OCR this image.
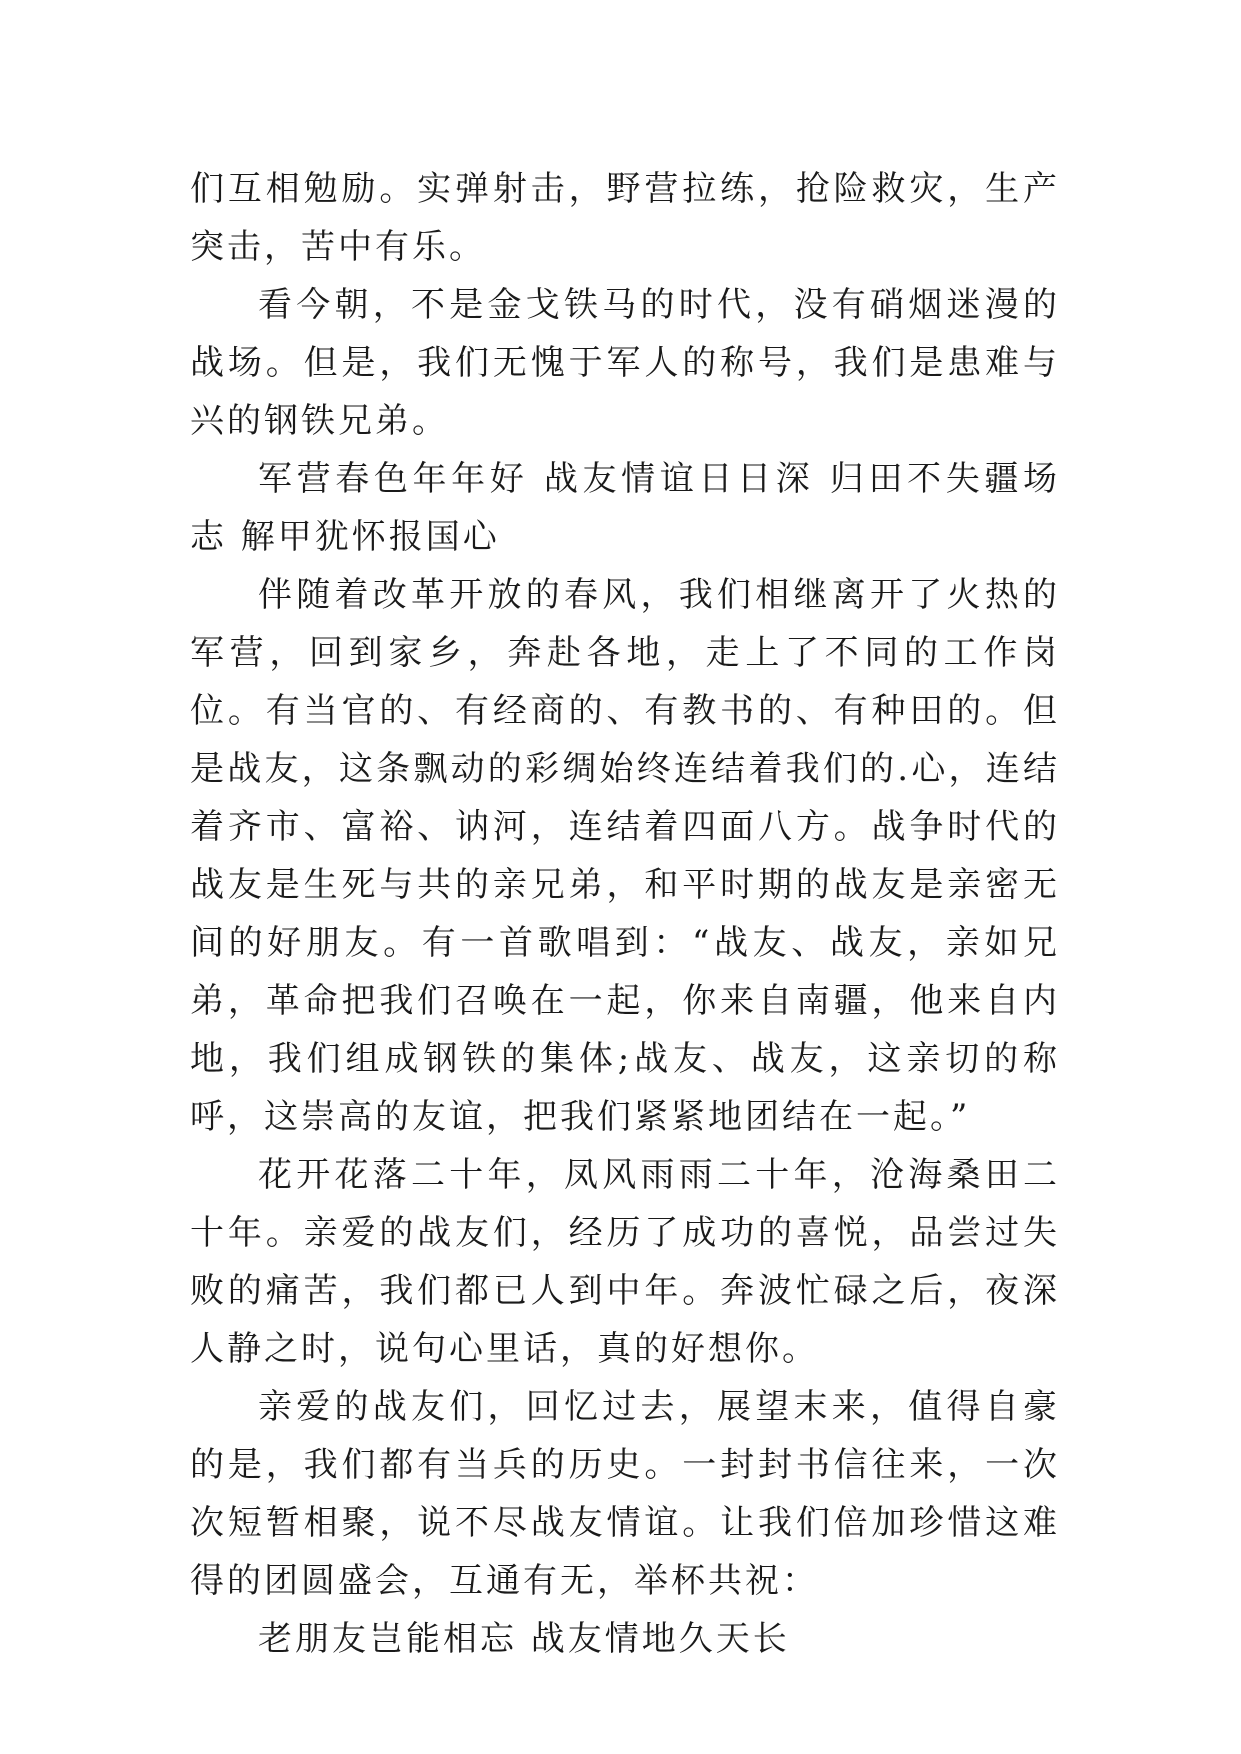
们互相勉励。实弹射击，野营拉练，抢险救灾，生产突击，苦中有乐。

看今朝，不是金戈铁马的时代，没有硝烟迷漫的战场。但是，我们无愧于军人的称号，我们是患难与兴的钢铁兄弟。

军营春色年年好 战友情谊日日深 归田不失疆场志 解甲犹怀报国心

伴随着改革开放的春风，我们相继离开了火热的军营，回到家乡，奔赴各地，走上了不同的工作岗位。有当官的、有经商的、有教书的、有种田的。但是战友，这条飘动的彩绸始终连结着我们的.心，连结着齐市、富裕、讷河，连结着四面八方。战争时代的战友是生死与共的亲兄弟，和平时期的战友是亲密无间的好朋友。有一首歌唱到：“战友、战友，亲如兄弟，革命把我们召唤在一起，你来自南疆，他来自内地，我们组成钢铁的集体;战友、战友，这亲切的称呼，这崇高的友谊，把我们紧紧地团结在一起。”

花开花落二十年，凤风雨雨二十年，沧海桑田二十年。亲爱的战友们，经历了成功的喜悦，品尝过失败的痛苦，我们都已人到中年。奔波忙碌之后，夜深人静之时，说句心里话，真的好想你。

亲爱的战友们，回忆过去，展望末来，值得自豪的是，我们都有当兵的历史。一封封书信往来，一次次短暂相聚，说不尽战友情谊。让我们倍加珍惜这难得的团圆盛会，互通有无，举杯共祝：

老朋友岂能相忘 战友情地久天长
